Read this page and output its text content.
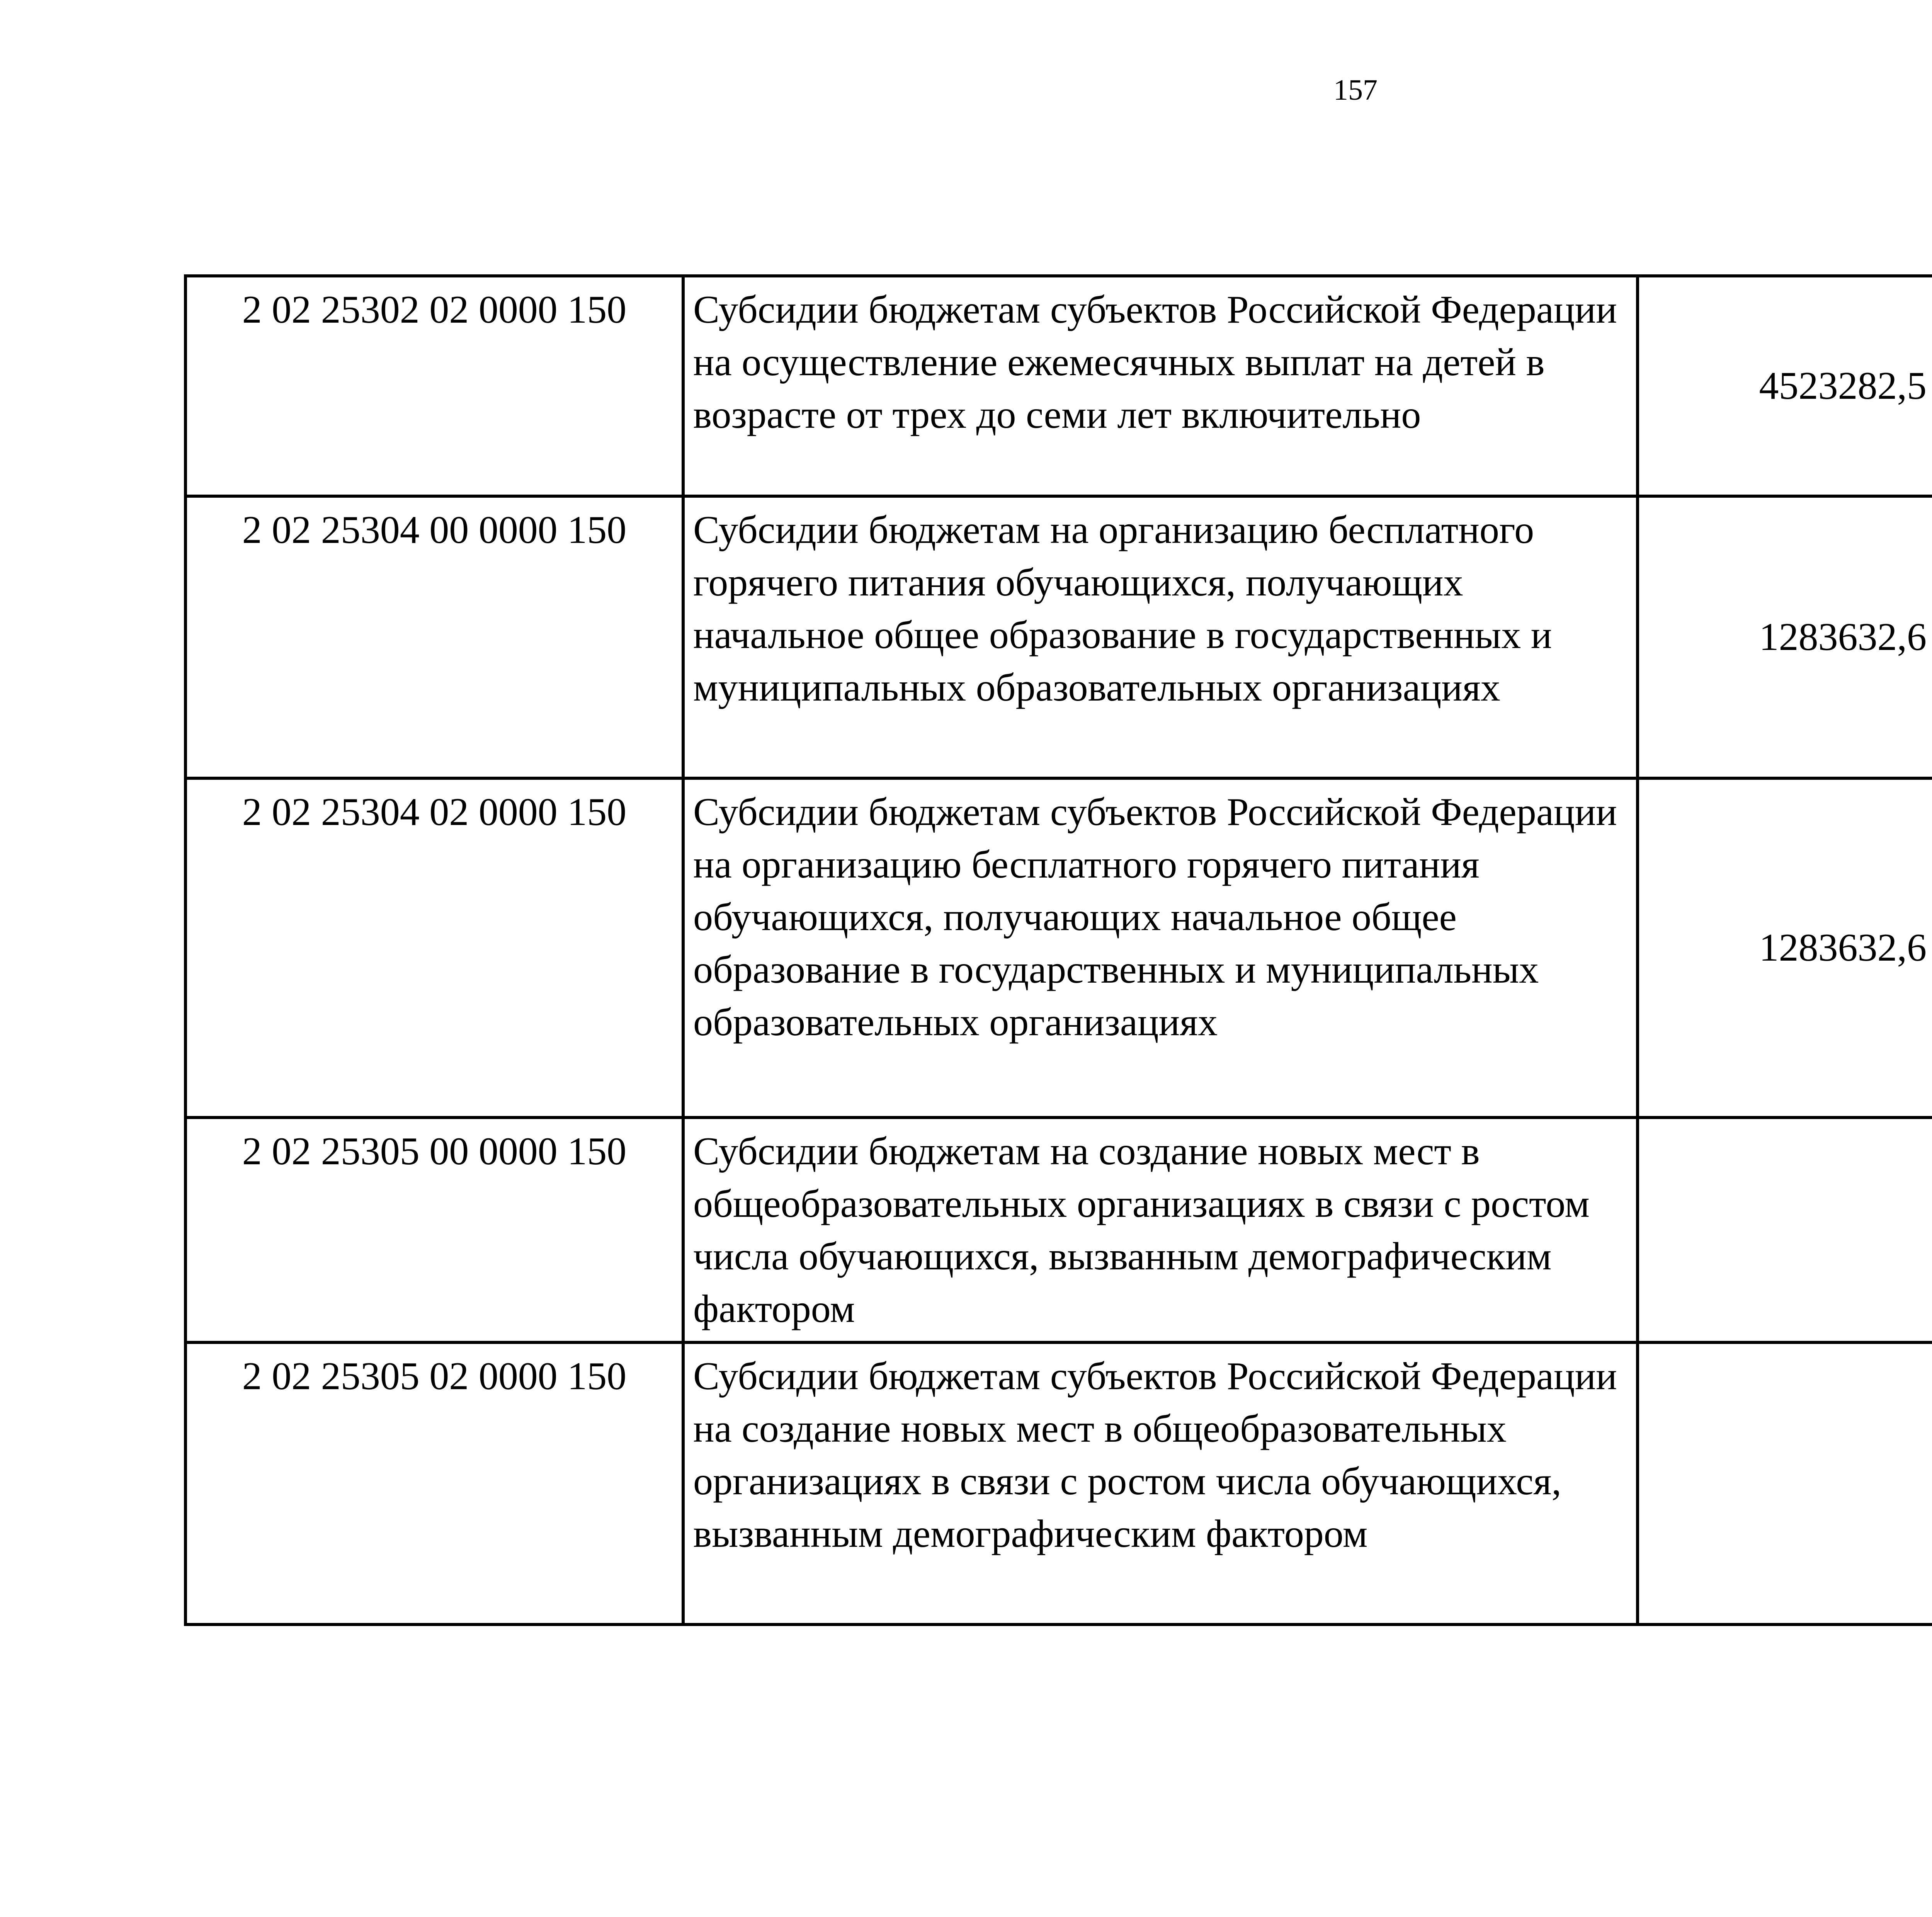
157
2 02 25302 02 0000 150	Субсидии бюджетам субъектов Российской Федерации на осуществление ежемесячных выплат на детей в возрасте от трех до семи лет включительно	4523282,5		
2 02 25304 00 0000 150	Субсидии бюджетам на организацию бесплатного горячего питания обучающихся, получающих начальное общее образование в государственных и муниципальных образовательных организациях	1283632,6		
2 02 25304 02 0000 150	Субсидии бюджетам субъектов Российской Федерации на организацию бесплатного горячего питания обучающихся, получающих начальное общее образование в государственных и муниципальных образовательных организациях	1283632,6		
2 02 25305 00 0000 150	Субсидии бюджетам на создание новых мест в общеобразовательных организациях в связи с ростом числа обучающихся, вызванным демографическим фактором			
2 02 25305 02 0000 150	Субсидии бюджетам субъектов Российской Федерации на создание новых мест в общеобразовательных организациях в связи с ростом числа обучающихся, вызванным демографическим фактором			
